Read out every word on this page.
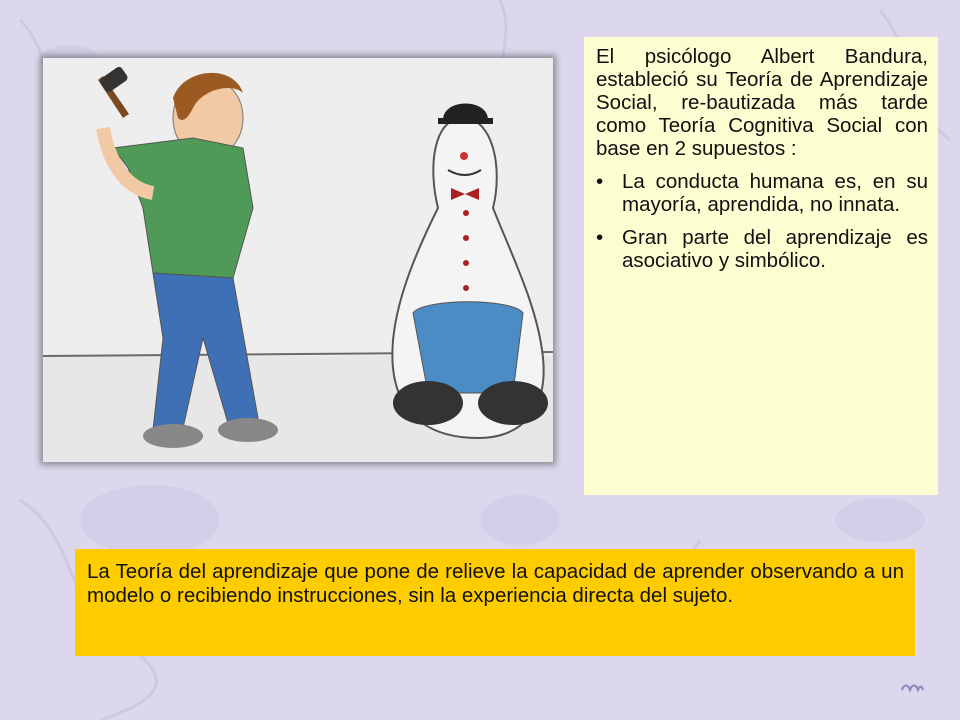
El psicólogo Albert Bandura, estableció su Teoría de Aprendizaje Social, re-bautizada más tarde como Teoría Cognitiva Social con base en 2 supuestos :

• La conducta humana es, en su mayoría, aprendida, no innata.
• Gran parte del aprendizaje es asociativo y simbólico.

La Teoría del aprendizaje que pone de relieve la capacidad de aprender observando a un modelo o recibiendo instrucciones, sin la experiencia directa del sujeto.
